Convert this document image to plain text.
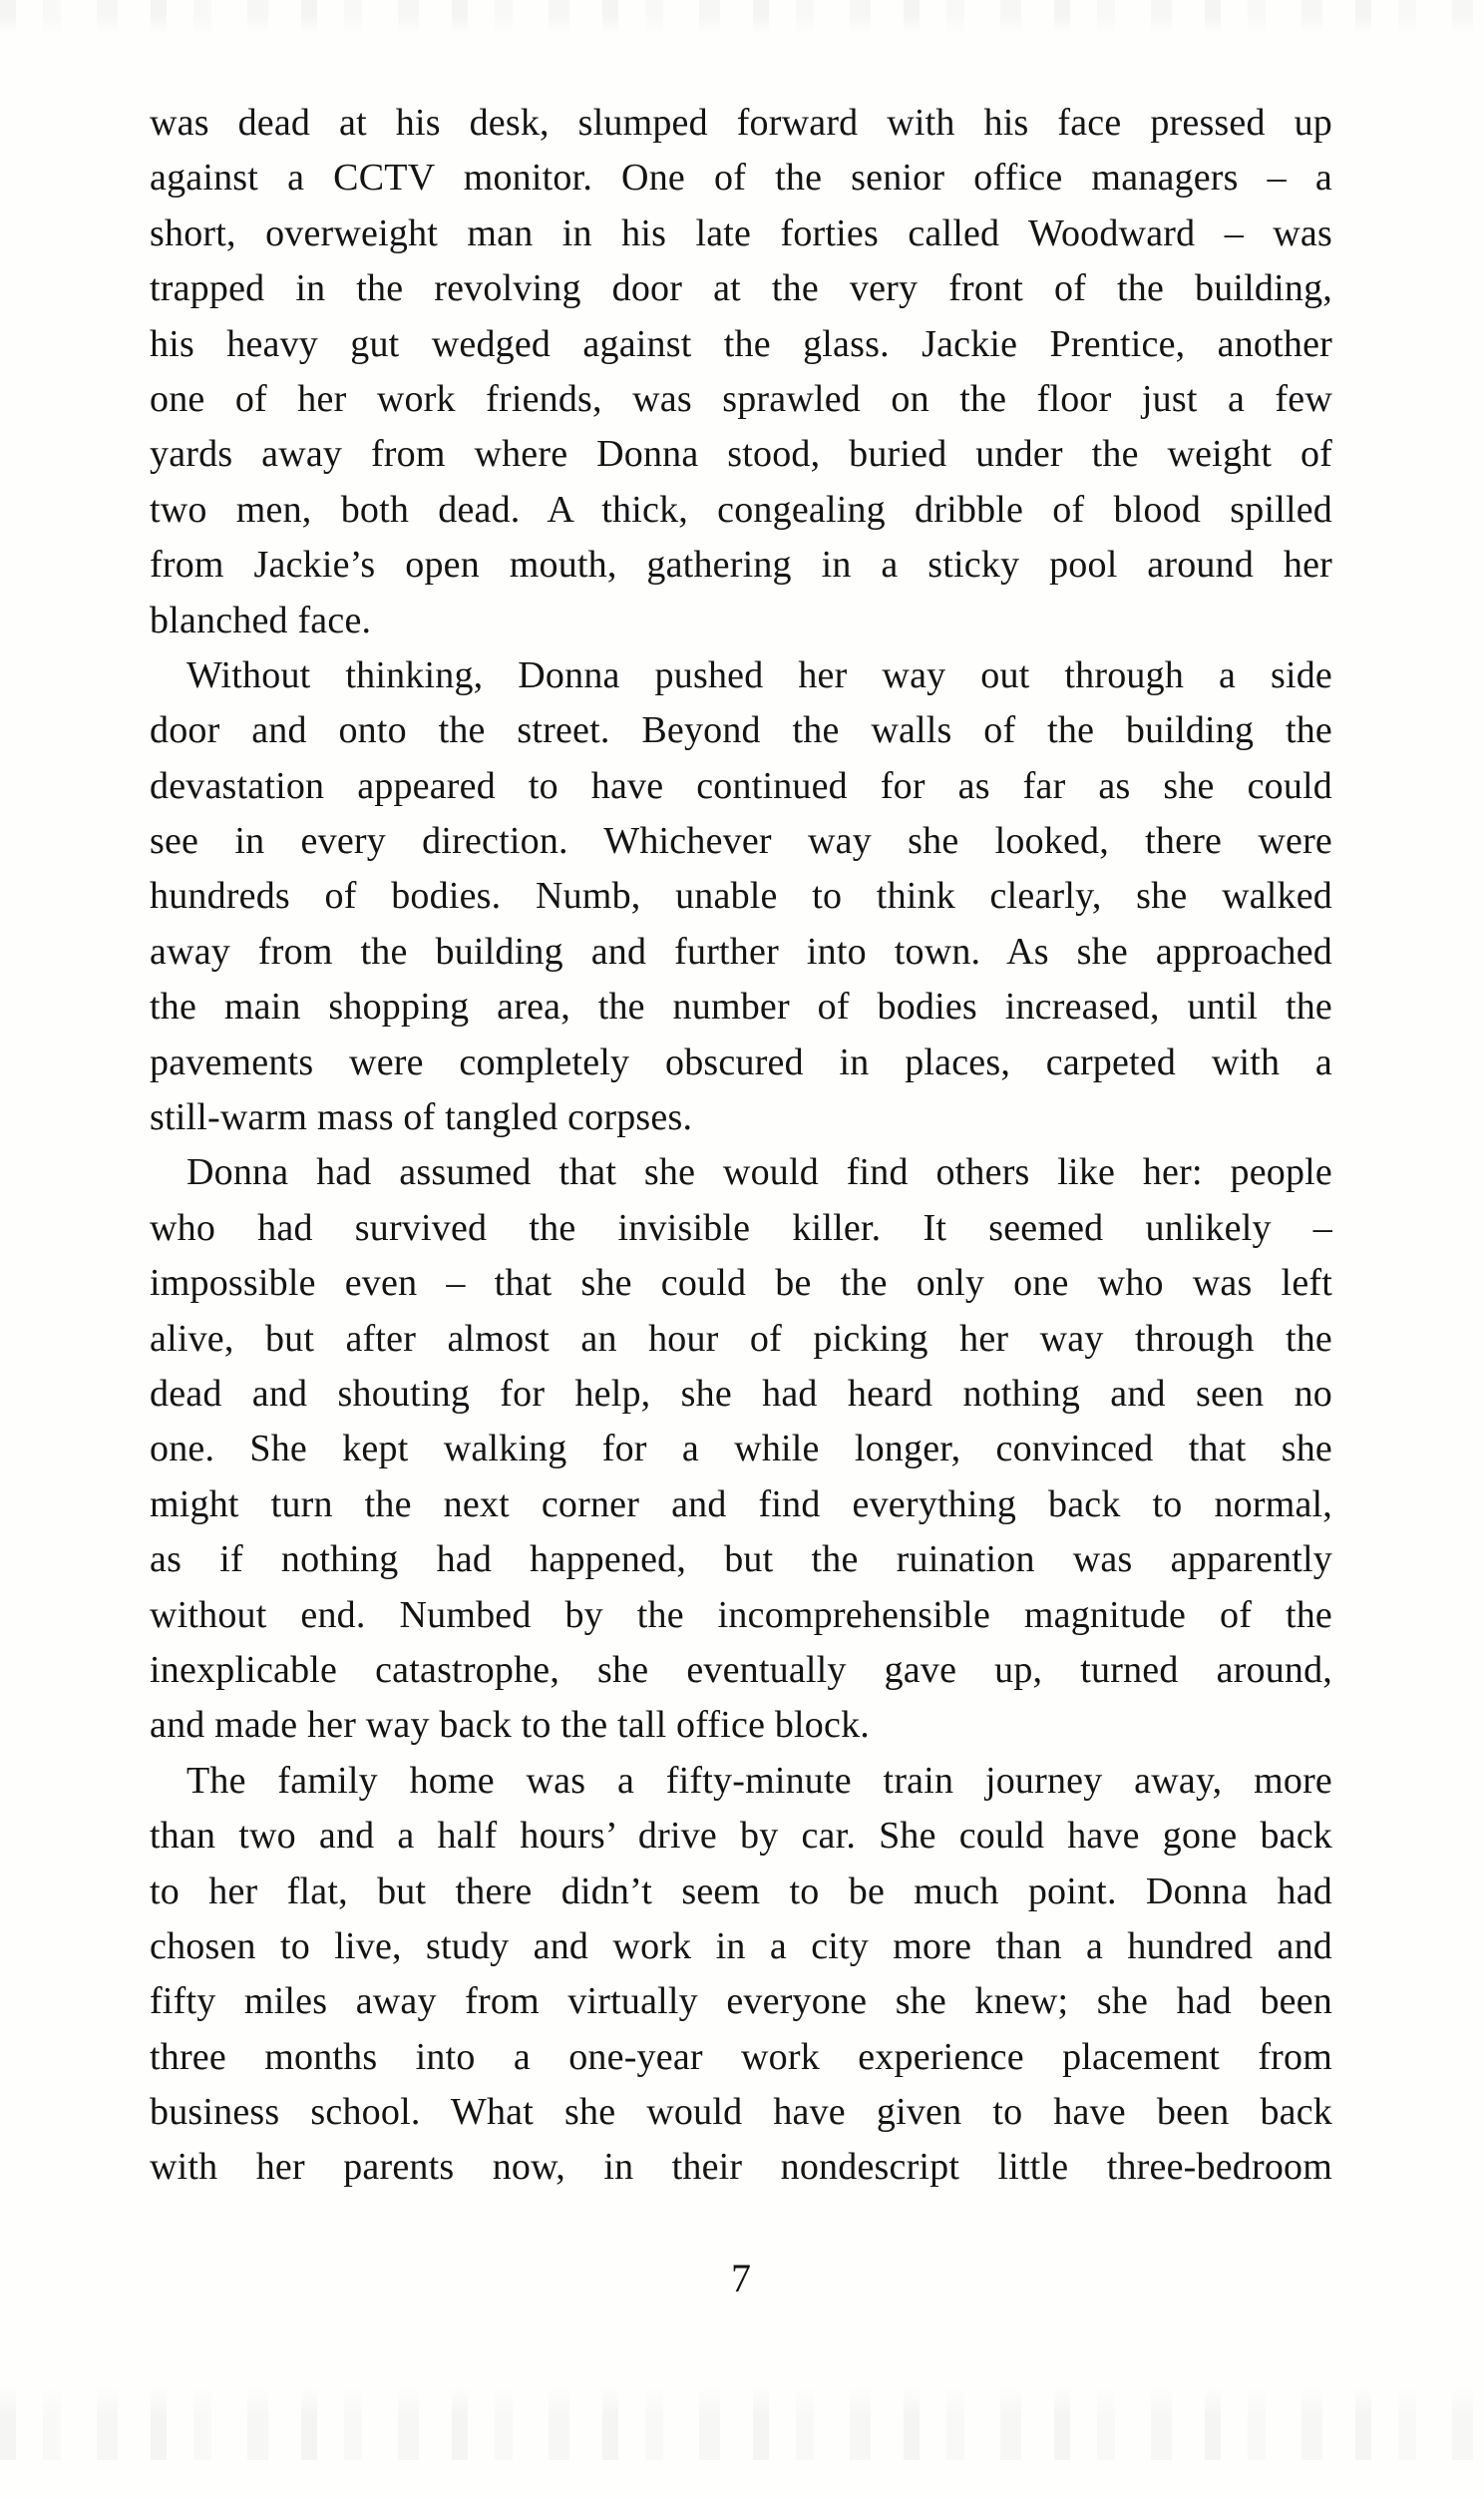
was dead at his desk, slumped forward with his face pressed up
against a CCTV monitor. One of the senior office managers – a
short, overweight man in his late forties called Woodward – was
trapped in the revolving door at the very front of the building,
his heavy gut wedged against the glass. Jackie Prentice, another
one of her work friends, was sprawled on the floor just a few
yards away from where Donna stood, buried under the weight of
two men, both dead. A thick, congealing dribble of blood spilled
from Jackie’s open mouth, gathering in a sticky pool around her
blanched face.
Without thinking, Donna pushed her way out through a side
door and onto the street. Beyond the walls of the building the
devastation appeared to have continued for as far as she could
see in every direction. Whichever way she looked, there were
hundreds of bodies. Numb, unable to think clearly, she walked
away from the building and further into town. As she approached
the main shopping area, the number of bodies increased, until the
pavements were completely obscured in places, carpeted with a
still-warm mass of tangled corpses.
Donna had assumed that she would find others like her: people
who had survived the invisible killer. It seemed unlikely –
impossible even – that she could be the only one who was left
alive, but after almost an hour of picking her way through the
dead and shouting for help, she had heard nothing and seen no
one. She kept walking for a while longer, convinced that she
might turn the next corner and find everything back to normal,
as if nothing had happened, but the ruination was apparently
without end. Numbed by the incomprehensible magnitude of the
inexplicable catastrophe, she eventually gave up, turned around,
and made her way back to the tall office block.
The family home was a fifty-minute train journey away, more
than two and a half hours’ drive by car. She could have gone back
to her flat, but there didn’t seem to be much point. Donna had
chosen to live, study and work in a city more than a hundred and
fifty miles away from virtually everyone she knew; she had been
three months into a one-year work experience placement from
business school. What she would have given to have been back
with her parents now, in their nondescript little three-bedroom
7
